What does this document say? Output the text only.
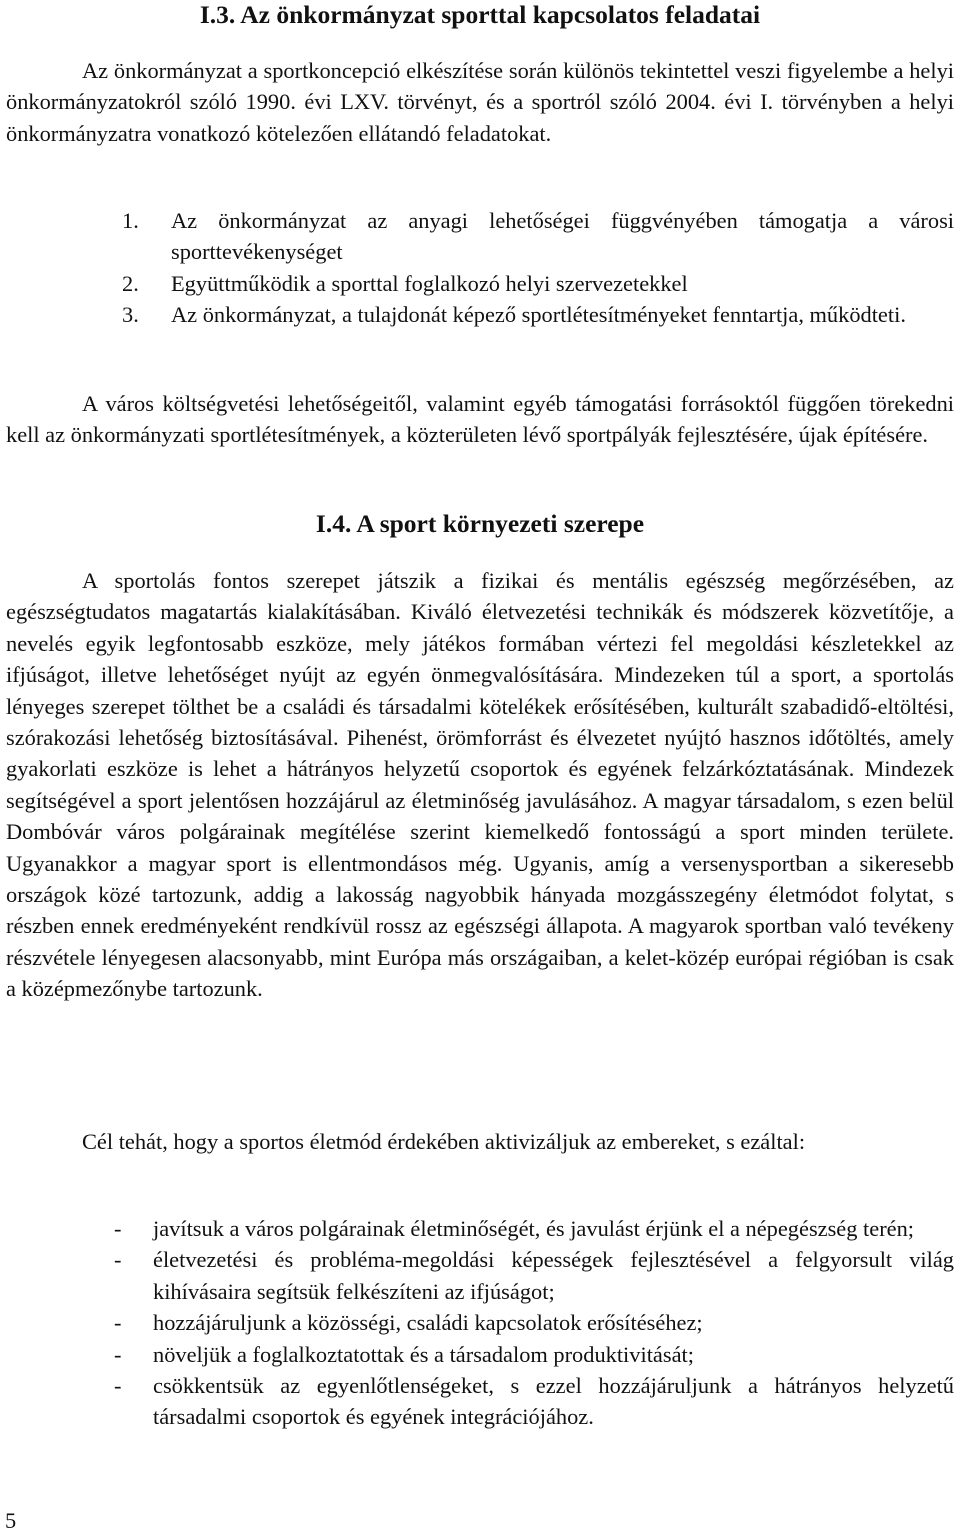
I.3. Az önkormányzat sporttal kapcsolatos feladatai

Az önkormányzat a sportkoncepció elkészítése során különös tekintettel veszi figyelembe a helyi önkormányzatokról szóló 1990. évi LXV. törvényt, és a sportról szóló 2004. évi I. törvényben a helyi önkormányzatra vonatkozó kötelezően ellátandó feladatokat.

1. Az önkormányzat az anyagi lehetőségei függvényében támogatja a városi sporttevékenységet
2. Együttműködik a sporttal foglalkozó helyi szervezetekkel
3. Az önkormányzat, a tulajdonát képező sportlétesítményeket fenntartja, működteti.

A város költségvetési lehetőségeitől, valamint egyéb támogatási forrásoktól függően törekedni kell az önkormányzati sportlétesítmények, a közterületen lévő sportpályák fejlesztésére, újak építésére.

I.4. A sport környezeti szerepe

A sportolás fontos szerepet játszik a fizikai és mentális egészség megőrzésében, az egészségtudatos magatartás kialakításában. Kiváló életvezetési technikák és módszerek közvetítője, a nevelés egyik legfontosabb eszköze, mely játékos formában vértezi fel megoldási készletekkel az ifjúságot, illetve lehetőséget nyújt az egyén önmegvalósítására. Mindezeken túl a sport, a sportolás lényeges szerepet tölthet be a családi és társadalmi kötelékek erősítésében, kulturált szabadidő-eltöltési, szórakozási lehetőség biztosításával. Pihenést, örömforrást és élvezetet nyújtó hasznos időtöltés, amely gyakorlati eszköze is lehet a hátrányos helyzetű csoportok és egyének felzárkóztatásának. Mindezek segítségével a sport jelentősen hozzájárul az életminőség javulásához. A magyar társadalom, s ezen belül Dombóvár város polgárainak megítélése szerint kiemelkedő fontosságú a sport minden területe. Ugyanakkor a magyar sport is ellentmondásos még. Ugyanis, amíg a versenysportban a sikeresebb országok közé tartozunk, addig a lakosság nagyobbik hányada mozgásszegény életmódot folytat, s részben ennek eredményeként rendkívül rossz az egészségi állapota. A magyarok sportban való tevékeny részvétele lényegesen alacsonyabb, mint Európa más országaiban, a kelet-közép európai régióban is csak a középmezőnybe tartozunk.

Cél tehát, hogy a sportos életmód érdekében aktivizáljuk az embereket, s ezáltal:

- javítsuk a város polgárainak életminőségét, és javulást érjünk el a népegészség terén;
- életvezetési és probléma-megoldási képességek fejlesztésével a felgyorsult világ kihívásaira segítsük felkészíteni az ifjúságot;
- hozzájáruljunk a közösségi, családi kapcsolatok erősítéséhez;
- növeljük a foglalkoztatottak és a társadalom produktivitását;
- csökkentsük az egyenlőtlenségeket, s ezzel hozzájáruljunk a hátrányos helyzetű társadalmi csoportok és egyének integrációjához.
5
